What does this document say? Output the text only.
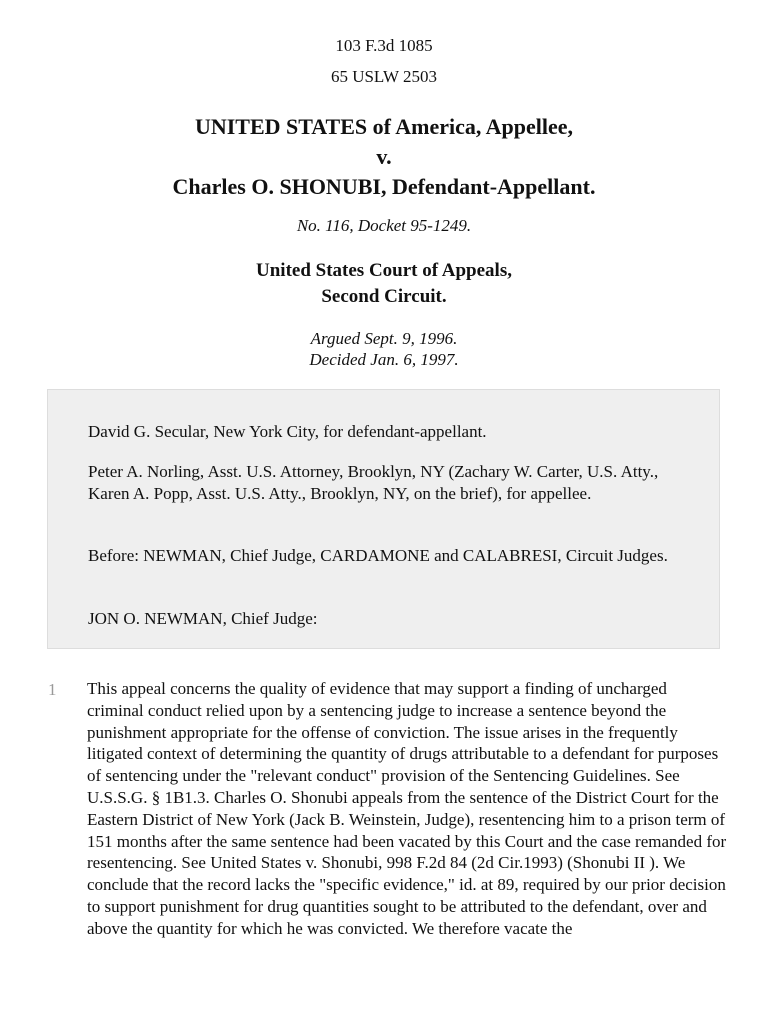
103 F.3d 1085
65 USLW 2503
UNITED STATES of America, Appellee,
v.
Charles O. SHONUBI, Defendant-Appellant.
No. 116, Docket 95-1249.
United States Court of Appeals,
Second Circuit.
Argued Sept. 9, 1996.
Decided Jan. 6, 1997.

David G. Secular, New York City, for defendant-appellant.

Peter A. Norling, Asst. U.S. Attorney, Brooklyn, NY (Zachary W. Carter, U.S. Atty., Karen A. Popp, Asst. U.S. Atty., Brooklyn, NY, on the brief), for appellee.

Before: NEWMAN, Chief Judge, CARDAMONE and CALABRESI, Circuit Judges.

JON O. NEWMAN, Chief Judge:

1 This appeal concerns the quality of evidence that may support a finding of uncharged criminal conduct relied upon by a sentencing judge to increase a sentence beyond the punishment appropriate for the offense of conviction. The issue arises in the frequently litigated context of determining the quantity of drugs attributable to a defendant for purposes of sentencing under the "relevant conduct" provision of the Sentencing Guidelines. See U.S.S.G. § 1B1.3. Charles O. Shonubi appeals from the sentence of the District Court for the Eastern District of New York (Jack B. Weinstein, Judge), resentencing him to a prison term of 151 months after the same sentence had been vacated by this Court and the case remanded for resentencing. See United States v. Shonubi, 998 F.2d 84 (2d Cir.1993) (Shonubi II ). We conclude that the record lacks the "specific evidence," id. at 89, required by our prior decision to support punishment for drug quantities sought to be attributed to the defendant, over and above the quantity for which he was convicted. We therefore vacate the
